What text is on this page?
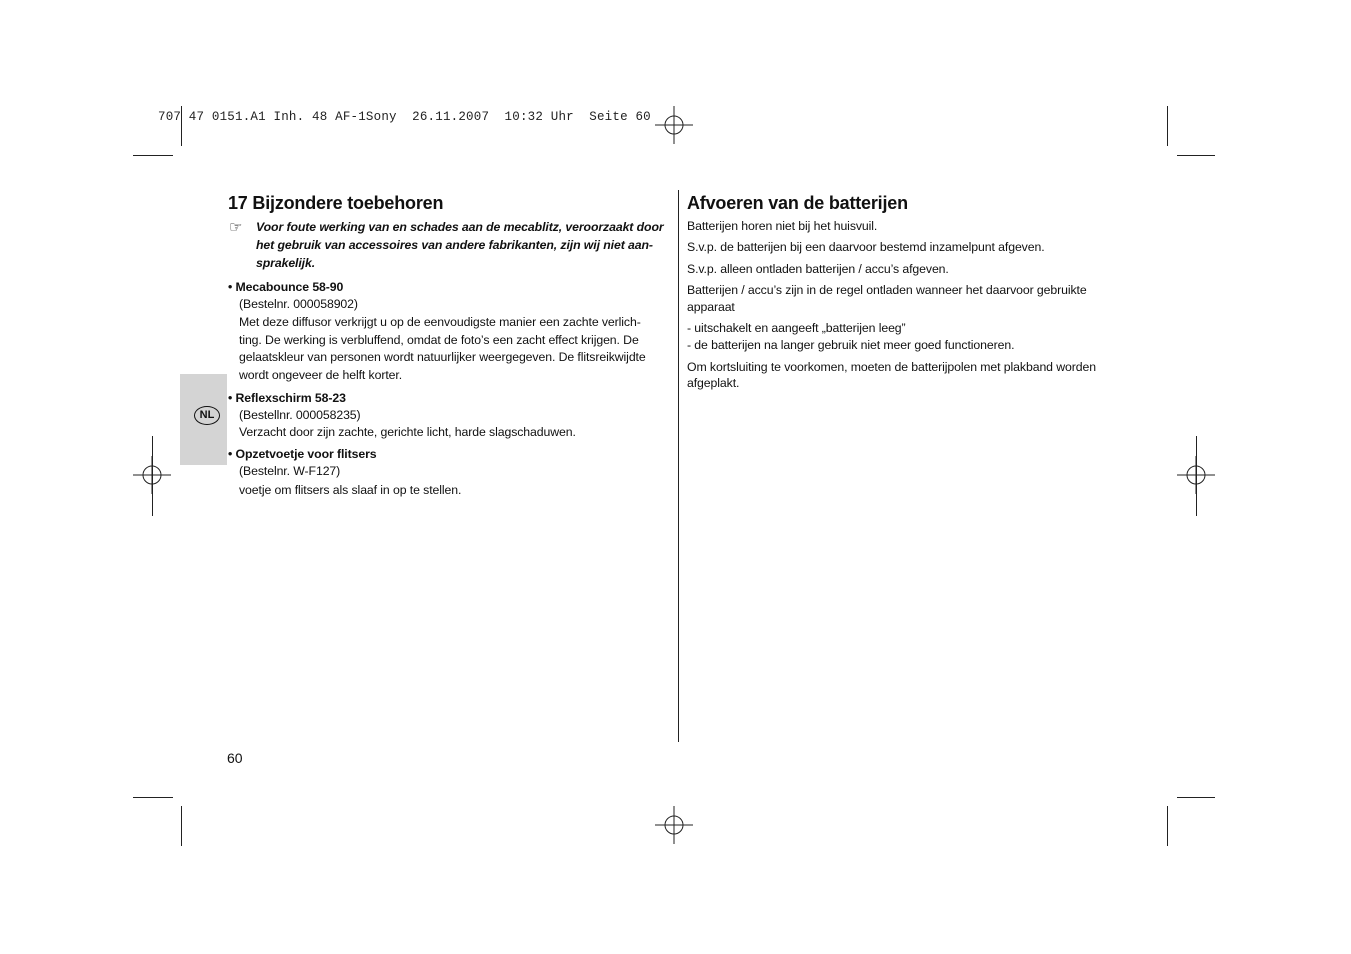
707 47 0151.A1 Inh. 48 AF-1Sony  26.11.2007  10:32 Uhr  Seite 60
NL
17 Bijzondere toebehoren
☞ Voor foute werking van en schades aan de mecablitz, veroorzaakt door

het gebruik van accessoires van andere fabrikanten, zijn wij niet aan-

sprakelijk.

• Mecabounce 58-90

(Bestelnr. 000058902)

Met deze diffusor verkrijgt u op de eenvoudigste manier een zachte verlich-

ting. De werking is verbluffend, omdat de foto’s een zacht effect krijgen. De

gelaatskleur van personen wordt natuurlijker weergegeven. De flitsreikwijdte

wordt ongeveer de helft korter.

• Reflexschirm 58-23

(Bestellnr. 000058235)

Verzacht door zijn zachte, gerichte licht, harde slagschaduwen.

• Opzetvoetje voor flitsers

(Bestelnr. W-F127)

voetje om flitsers als slaaf in op te stellen.

Afvoeren van de batterijen

Batterijen horen niet bij het huisvuil.

S.v.p. de batterijen bij een daarvoor bestemd inzamelpunt afgeven.

S.v.p. alleen ontladen batterijen / accu’s afgeven.

Batterijen / accu’s zijn in de regel ontladen wanneer het daarvoor gebruikte

apparaat

- uitschakelt en aangeeft „batterijen leeg”

- de batterijen na langer gebruik niet meer goed functioneren.

Om kortsluiting te voorkomen, moeten de batterijpolen met plakband worden

afgeplakt.

60
